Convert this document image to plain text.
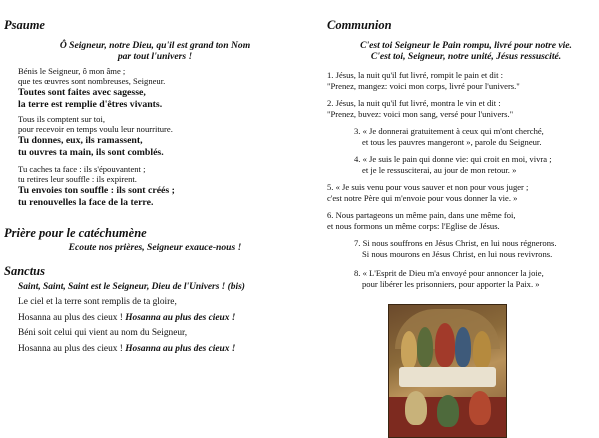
Psaume
Ô Seigneur, notre Dieu, qu'il est grand ton Nom
par tout l'univers !
Bénis le Seigneur, ô mon âme ;
que tes œuvres sont nombreuses, Seigneur.
Toutes sont faites avec sagesse,
la terre est remplie d'êtres vivants.
Tous ils comptent sur toi,
pour recevoir en temps voulu leur nourriture.
Tu donnes, eux, ils ramassent,
tu ouvres ta main, ils sont comblés.
Tu caches ta face : ils s'épouvantent ;
tu retires leur souffle : ils expirent.
Tu envoies ton souffle : ils sont créés ;
tu renouvelles la face de la terre.
Prière pour le catéchumène
Ecoute nos prières, Seigneur exauce-nous !
Sanctus
Saint, Saint, Saint est le Seigneur, Dieu de l'Univers ! (bis)
Le ciel et la terre sont remplis de ta gloire,
Hosanna au plus des cieux ! Hosanna au plus des cieux !
Béni soit celui qui vient au nom du Seigneur,
Hosanna au plus des cieux ! Hosanna au plus des cieux !
Communion
C'est toi Seigneur le Pain rompu, livré pour notre vie.
C'est toi, Seigneur, notre unité, Jésus ressuscité.
1. Jésus, la nuit qu'il fut livré, rompit le pain et dit :
"Prenez, mangez: voici mon corps, livré pour l'univers."
2. Jésus, la nuit qu'il fut livré, montra le vin et dit :
"Prenez, buvez: voici mon sang, versé pour l'univers."
3. « Je donnerai gratuitement à ceux qui m'ont cherché,
et tous les pauvres mangeront », parole du Seigneur.
4. « Je suis le pain qui donne vie: qui croit en moi, vivra ;
et je le ressusciterai, au jour de mon retour. »
5. « Je suis venu pour vous sauver et non pour vous juger ;
c'est notre Père qui m'envoie pour vous donner la vie. »
6. Nous partageons un même pain, dans une même foi,
et nous formons un même corps: l'Eglise de Jésus.
7. Si nous souffrons en Jésus Christ, en lui nous régnerons.
Si nous mourons en Jésus Christ, en lui nous revivrons.
8. « L'Esprit de Dieu m'a envoyé pour annoncer la joie,
pour libérer les prisonniers, pour apporter la Paix. »
